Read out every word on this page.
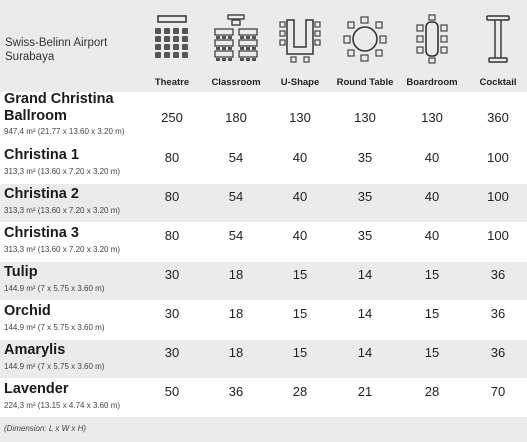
Swiss-Belinn Airport Surabaya
Theatre	Classroom	U-Shape	Round Table	Boardroom	Cocktail
Grand Christina Ballroom
947,4 m² (21.77 x 13.60 x 3.20 m)
250	180	130	130	130	360
Christina 1
313,3 m² (13.60 x 7.20 x 3.20 m)
80	54	40	35	40	100
Christina 2
313,3 m² (13.60 x 7.20 x 3.20 m)
80	54	40	35	40	100
Christina 3
313,3 m² (13.60 x 7.20 x 3.20 m)
80	54	40	35	40	100
Tulip
144.9 m² (7 x 5.75 x 3.60 m)
30	18	15	14	15	36
Orchid
144.9 m² (7 x 5.75 x 3.60 m)
30	18	15	14	15	36
Amarylis
144.9 m² (7 x 5.75 x 3.60 m)
30	18	15	14	15	36
Lavender
224,3 m² (13.15 x 4.74 x 3.60 m)
50	36	28	21	28	70
(Dimension: L x W x H)
